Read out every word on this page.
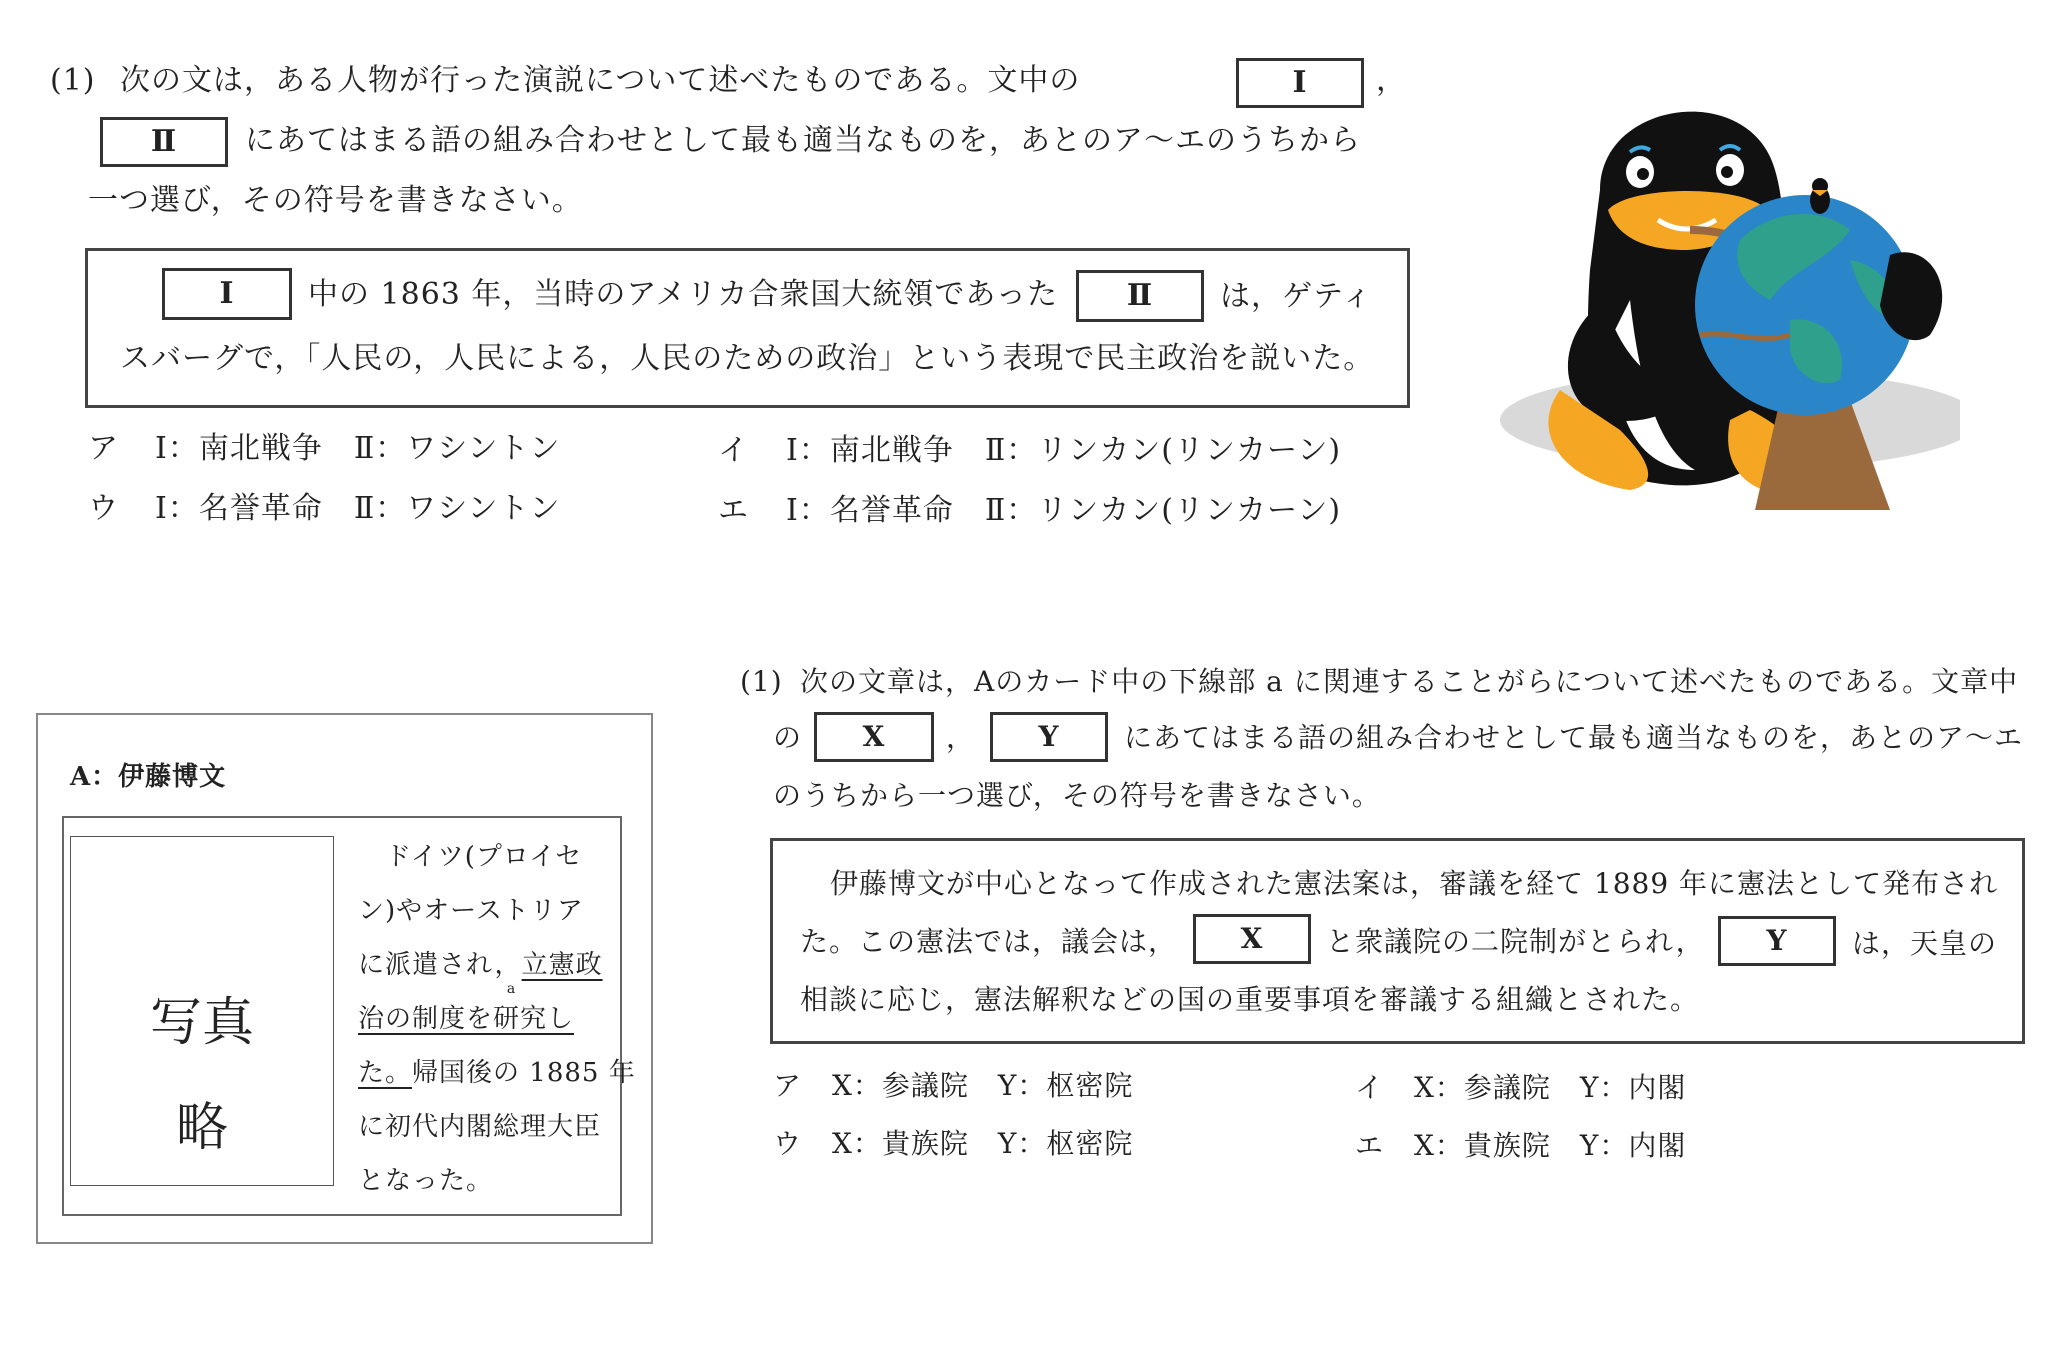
(1) 次の文は，ある人物が行った演説について述べたものである。文中の	Ⅰ	，
Ⅱ	にあてはまる語の組み合わせとして最も適当なものを，あとのア～エのうちから
一つ選び，その符号を書きなさい。
Ⅰ	中の 1863 年，当時のアメリカ合衆国大統領であった	Ⅱ	は，ゲティ
スバーグで，「人民の，人民による，人民のための政治」という表現で民主政治を説いた。
ア Ⅰ：南北戦争　Ⅱ：ワシントン	イ Ⅰ：南北戦争　Ⅱ：リンカン(リンカーン)
ウ Ⅰ：名誉革命　Ⅱ：ワシントン	エ Ⅰ：名誉革命　Ⅱ：リンカン(リンカーン)
A：伊藤博文
写真
略
ドイツ(プロイセ
ン)やオーストリア
に派遣され，立憲政
a
治の制度を研究し
た。帰国後の 1885 年
に初代内閣総理大臣
となった。
(1) 次の文章は，Aのカード中の下線部 a に関連することがらについて述べたものである。文章中
の	X	，	Y	にあてはまる語の組み合わせとして最も適当なものを，あとのア～エ
のうちから一つ選び，その符号を書きなさい。
伊藤博文が中心となって作成された憲法案は，審議を経て 1889 年に憲法として発布され
た。この憲法では，議会は，	X	と衆議院の二院制がとられ，	Y	は，天皇の
相談に応じ，憲法解釈などの国の重要事項を審議する組織とされた。
ア X：参議院　Y：枢密院	イ X：参議院　Y：内閣
ウ X：貴族院　Y：枢密院	エ X：貴族院　Y：内閣
